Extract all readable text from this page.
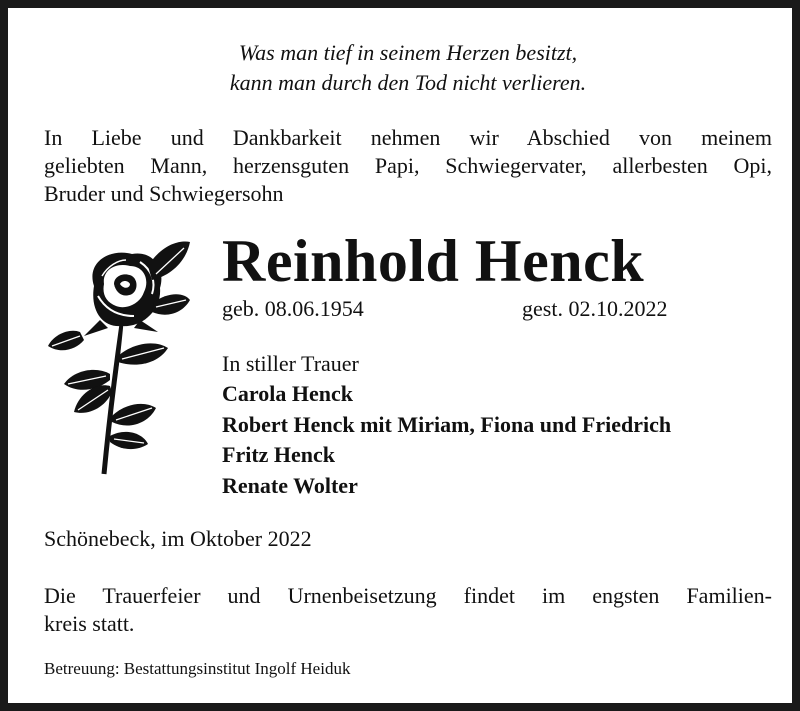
Was man tief in seinem Herzen besitzt,
kann man durch den Tod nicht verlieren.
In Liebe und Dankbarkeit nehmen wir Abschied von meinem
geliebten Mann, herzensguten Papi, Schwiegervater, allerbesten Opi,
Bruder und Schwiegersohn
Reinhold Henck
geb. 08.06.1954	gest. 02.10.2022
In stiller Trauer
Carola Henck
Robert Henck mit Miriam, Fiona und Friedrich
Fritz Henck
Renate Wolter
Schönebeck, im Oktober 2022
Die Trauerfeier und Urnenbeisetzung findet im engsten Familien-
kreis statt.
Betreuung: Bestattungsinstitut Ingolf Heiduk
